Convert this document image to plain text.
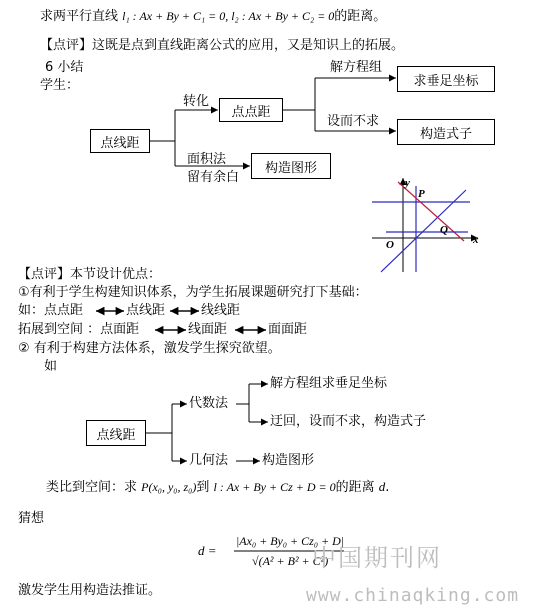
求两平行直线 l₁ : Ax + By + C₁ = 0, l₂ : Ax + By + C₂ = 0的距离。
【点评】这既是点到直线距离公式的应用，又是知识上的拓展。
6 小结
学生：
点线距
转化
点点距
解方程组
求垂足坐标
设而不求
构造式子
面积法
留有余白
构造图形
y
x
P
O
Q
【点评】本节设计优点：
①有利于学生构建知识体系，为学生拓展课题研究打下基础：
如：点点距	点线距	线线距
拓展到空间 ：点面距	线面距	面面距
② 有利于构建方法体系，激发学生探究欲望。
如
点线距
代数法
解方程组求垂足坐标
迂回，设而不求，构造式子
几何法	构造图形
类比到空间：求 P(x₀, y₀, z₀)到 l : Ax + By + Cz + D = 0的距离 d.
猜想
d =
|Ax₀ + By₀ + Cz₀ + D|
√(A² + B² + C²)
激发学生用构造法推证。
中国期刊网
www.chinaqking.com
